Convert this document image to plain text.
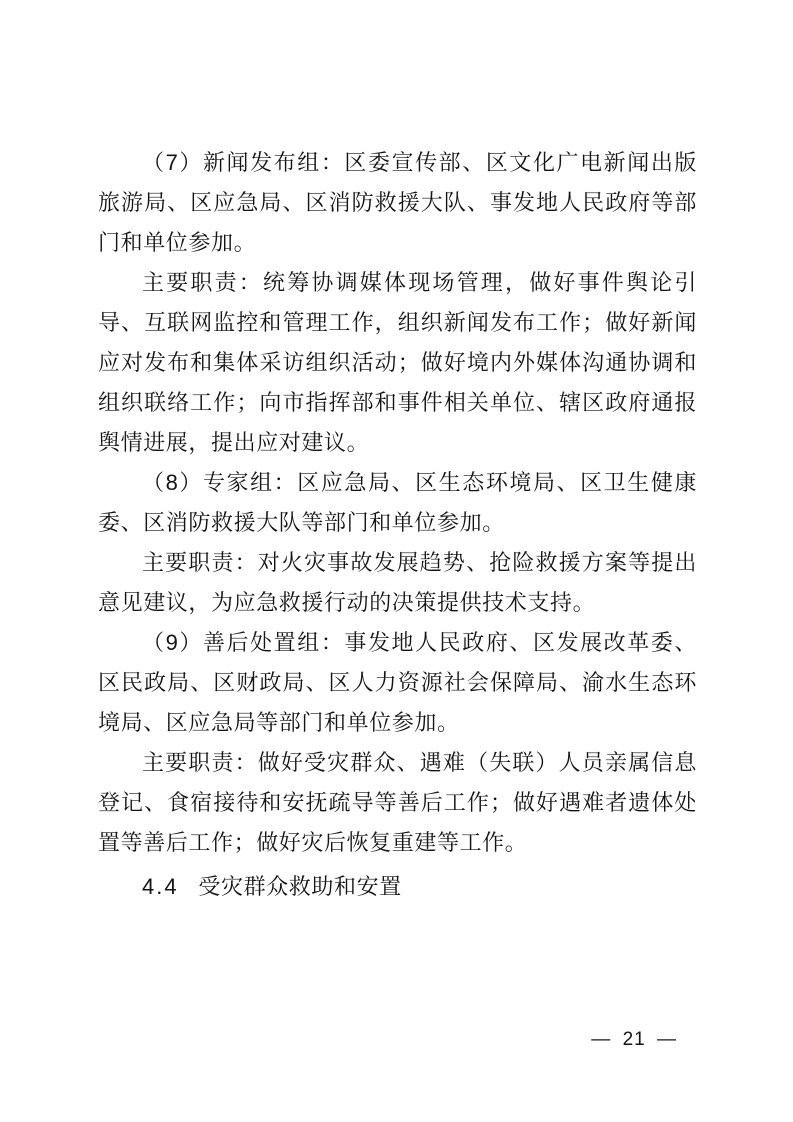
（7）新闻发布组：区委宣传部、区文化广电新闻出版旅游局、区应急局、区消防救援大队、事发地人民政府等部门和单位参加。

主要职责：统筹协调媒体现场管理，做好事件舆论引导、互联网监控和管理工作，组织新闻发布工作；做好新闻应对发布和集体采访组织活动；做好境内外媒体沟通协调和组织联络工作；向市指挥部和事件相关单位、辖区政府通报舆情进展，提出应对建议。

（8）专家组：区应急局、区生态环境局、区卫生健康委、区消防救援大队等部门和单位参加。

主要职责：对火灾事故发展趋势、抢险救援方案等提出意见建议，为应急救援行动的决策提供技术支持。

（9）善后处置组：事发地人民政府、区发展改革委、区民政局、区财政局、区人力资源社会保障局、渝水生态环境局、区应急局等部门和单位参加。

主要职责：做好受灾群众、遇难（失联）人员亲属信息登记、食宿接待和安抚疏导等善后工作；做好遇难者遗体处置等善后工作；做好灾后恢复重建等工作。

4.4 受灾群众救助和安置
— 21 —
